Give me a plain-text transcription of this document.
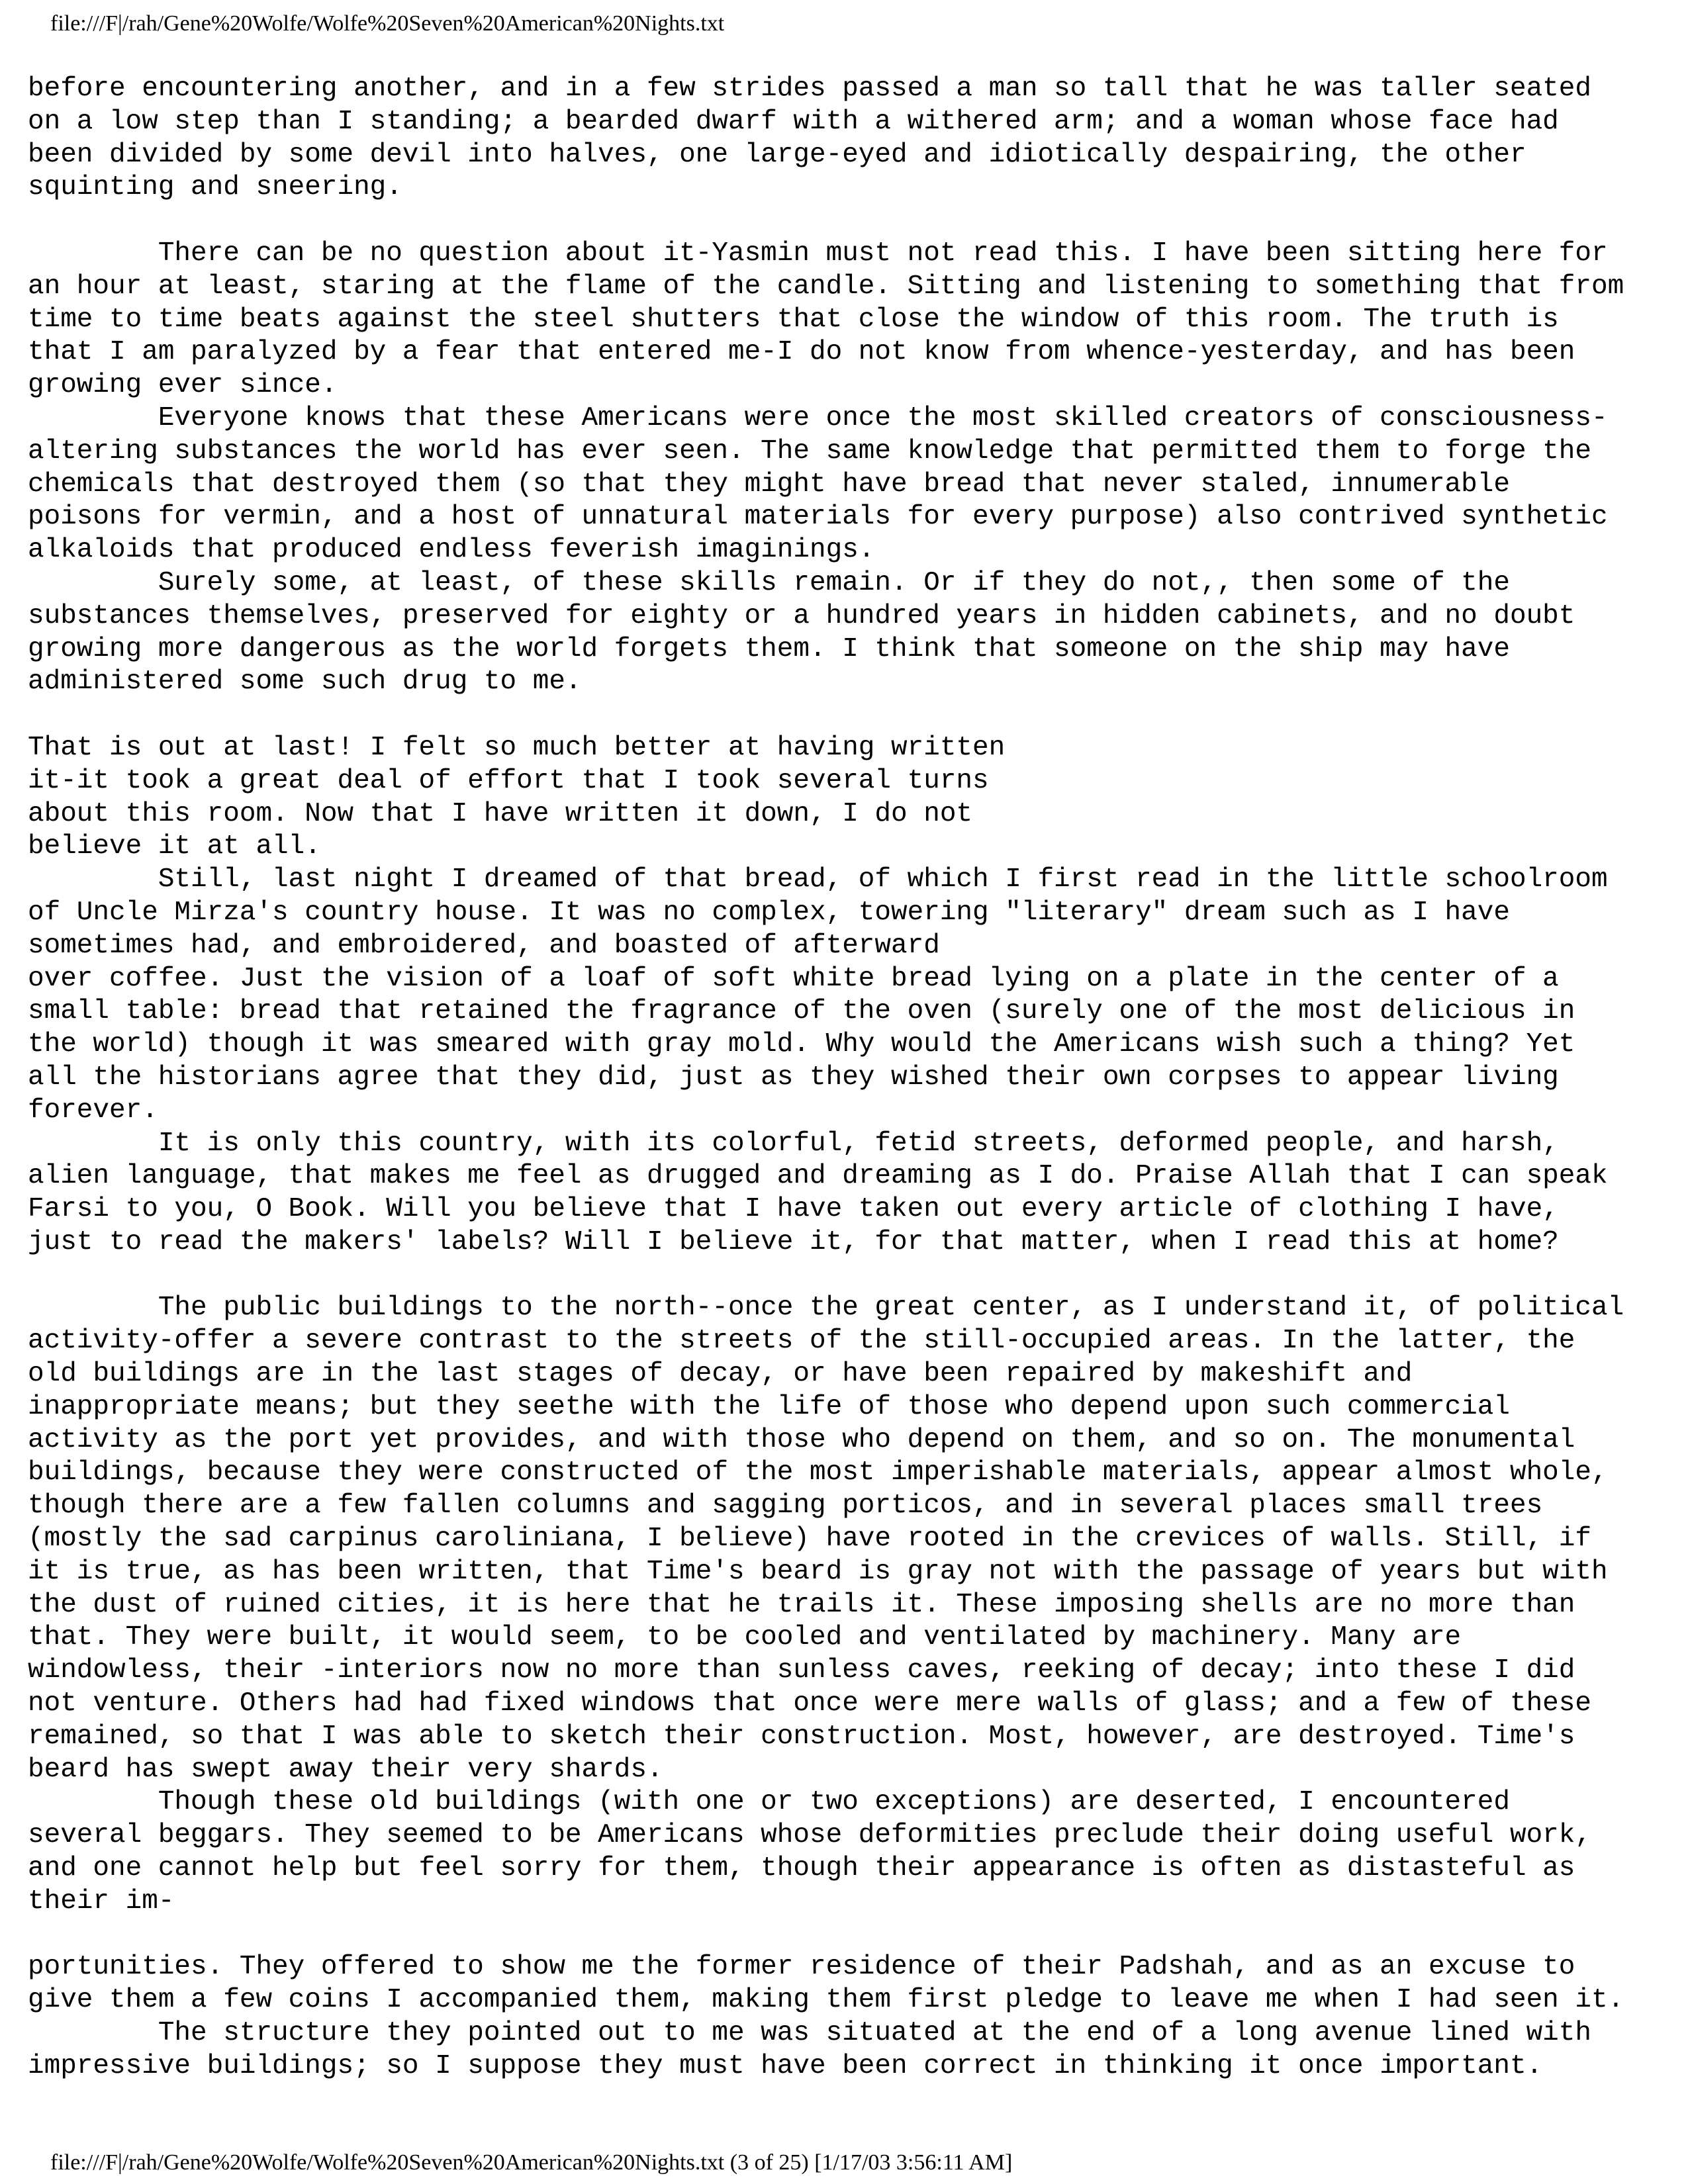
file:///F|/rah/Gene%20Wolfe/Wolfe%20Seven%20American%20Nights.txt
before encountering another, and in a few strides passed a man so tall that he was taller seated
on a low step than I standing; a bearded dwarf with a withered arm; and a woman whose face had
been divided by some devil into halves, one large-eyed and idiotically despairing, the other
squinting and sneering.

There can be no question about it-Yasmin must not read this. I have been sitting here for
an hour at least, staring at the flame of the candle. Sitting and listening to something that from
time to time beats against the steel shutters that close the window of this room. The truth is
that I am paralyzed by a fear that entered me-I do not know from whence-yesterday, and has been
growing ever since.
Everyone knows that these Americans were once the most skilled creators of consciousness-
altering substances the world has ever seen. The same knowledge that permitted them to forge the
chemicals that destroyed them (so that they might have bread that never staled, innumerable
poisons for vermin, and a host of unnatural materials for every purpose) also contrived synthetic
alkaloids that produced endless feverish imaginings.
Surely some, at least, of these skills remain. Or if they do not,, then some of the
substances themselves, preserved for eighty or a hundred years in hidden cabinets, and no doubt
growing more dangerous as the world forgets them. I think that someone on the ship may have
administered some such drug to me.

That is out at last! I felt so much better at having written
it-it took a great deal of effort that I took several turns
about this room. Now that I have written it down, I do not
believe it at all.
Still, last night I dreamed of that bread, of which I first read in the little schoolroom
of Uncle Mirza's country house. It was no complex, towering "literary" dream such as I have
sometimes had, and embroidered, and boasted of afterward
over coffee. Just the vision of a loaf of soft white bread lying on a plate in the center of a
small table: bread that retained the fragrance of the oven (surely one of the most delicious in
the world) though it was smeared with gray mold. Why would the Americans wish such a thing? Yet
all the historians agree that they did, just as they wished their own corpses to appear living
forever.
It is only this country, with its colorful, fetid streets, deformed people, and harsh,
alien language, that makes me feel as drugged and dreaming as I do. Praise Allah that I can speak
Farsi to you, O Book. Will you believe that I have taken out every article of clothing I have,
just to read the makers' labels? Will I believe it, for that matter, when I read this at home?

The public buildings to the north--once the great center, as I understand it, of political
activity-offer a severe contrast to the streets of the still-occupied areas. In the latter, the
old buildings are in the last stages of decay, or have been repaired by makeshift and
inappropriate means; but they seethe with the life of those who depend upon such commercial
activity as the port yet provides, and with those who depend on them, and so on. The monumental
buildings, because they were constructed of the most imperishable materials, appear almost whole,
though there are a few fallen columns and sagging porticos, and in several places small trees
(mostly the sad carpinus caroliniana, I believe) have rooted in the crevices of walls. Still, if
it is true, as has been written, that Time's beard is gray not with the passage of years but with
the dust of ruined cities, it is here that he trails it. These imposing shells are no more than
that. They were built, it would seem, to be cooled and ventilated by machinery. Many are
windowless, their -interiors now no more than sunless caves, reeking of decay; into these I did
not venture. Others had had fixed windows that once were mere walls of glass; and a few of these
remained, so that I was able to sketch their construction. Most, however, are destroyed. Time's
beard has swept away their very shards.
Though these old buildings (with one or two exceptions) are deserted, I encountered
several beggars. They seemed to be Americans whose deformities preclude their doing useful work,
and one cannot help but feel sorry for them, though their appearance is often as distasteful as
their im-

portunities. They offered to show me the former residence of their Padshah, and as an excuse to
give them a few coins I accompanied them, making them first pledge to leave me when I had seen it.
The structure they pointed out to me was situated at the end of a long avenue lined with
impressive buildings; so I suppose they must have been correct in thinking it once important.
file:///F|/rah/Gene%20Wolfe/Wolfe%20Seven%20American%20Nights.txt (3 of 25) [1/17/03 3:56:11 AM]
